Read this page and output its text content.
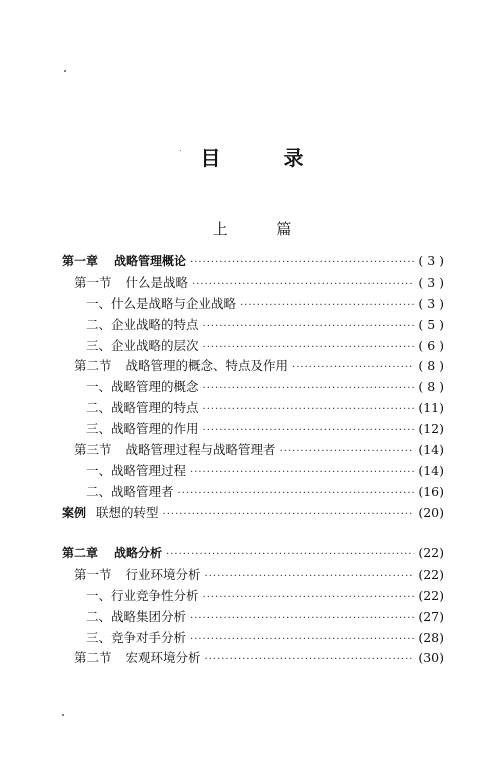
目 录
上 篇
第一章 战略管理概论 ·····	( 3 )
第一节 什么是战略 ·····	( 3 )
一、什么是战略与企业战略 ·····	( 3 )
二、企业战略的特点 ·····	( 5 )
三、企业战略的层次 ·····	( 6 )
第二节 战略管理的概念、特点及作用 ·····	( 8 )
一、战略管理的概念 ·····	( 8 )
二、战略管理的特点 ·····	(11)
三、战略管理的作用 ·····	(12)
第三节 战略管理过程与战略管理者 ·····	(14)
一、战略管理过程 ·····	(14)
二、战略管理者 ·····	(16)
案例 联想的转型 ·····	(20)
第二章 战略分析 ·····	(22)
第一节 行业环境分析 ·····	(22)
一、行业竞争性分析 ·····	(22)
二、战略集团分析 ·····	(27)
三、竞争对手分析 ·····	(28)
第二节 宏观环境分析 ·····	(30)
